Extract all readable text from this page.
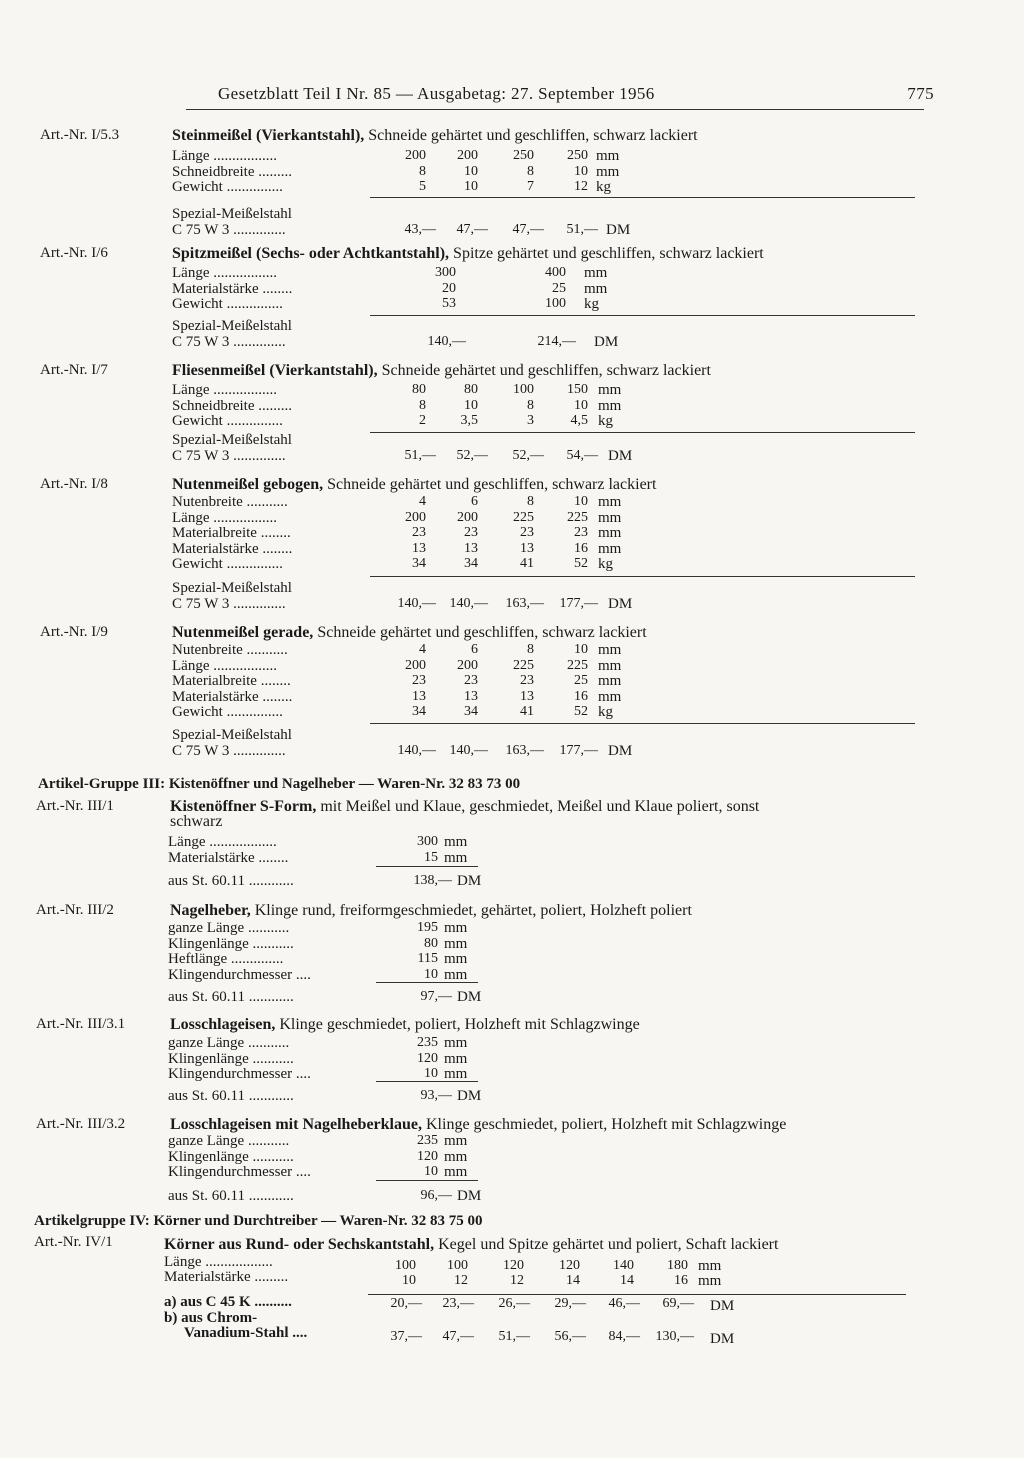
Gesetzblatt Teil I Nr. 85 — Ausgabetag: 27. September 1956	775
Art.-Nr. I/5.3	Steinmeißel (Vierkantstahl), Schneide gehärtet und geschliffen, schwarz lackiert
Länge .................	200	200	250	250 mm
Schneidbreite .........	8	10	8	10 mm
Gewicht ...............	5	10	7	12 kg
Spezial-Meißelstahl
C 75 W 3 ..............	43,—	47,—	47,—	51,— DM
Art.-Nr. I/6	Spitzmeißel (Sechs- oder Achtkantstahl), Spitze gehärtet und geschliffen, schwarz lackiert
Länge .................	300	400 mm
Materialstärke ........	20	25 mm
Gewicht ...............	53	100 kg
Spezial-Meißelstahl
C 75 W 3 ..............	140,—	214,— DM
Art.-Nr. I/7	Fliesenmeißel (Vierkantstahl), Schneide gehärtet und geschliffen, schwarz lackiert
Länge .................	80	80	100	150 mm
Schneidbreite .........	8	10	8	10 mm
Gewicht ...............	2	3,5	3	4,5 kg
Spezial-Meißelstahl
C 75 W 3 ..............	51,—	52,—	52,—	54,— DM
Art.-Nr. I/8	Nutenmeißel gebogen, Schneide gehärtet und geschliffen, schwarz lackiert
Nutenbreite ...........	4	6	8	10 mm
Länge .................	200	200	225	225 mm
Materialbreite ........	23	23	23	23 mm
Materialstärke ........	13	13	13	16 mm
Gewicht ...............	34	34	41	52 kg
Spezial-Meißelstahl
C 75 W 3 ..............	140,— 140,—	163,—	177,— DM
Art.-Nr. I/9	Nutenmeißel gerade, Schneide gehärtet und geschliffen, schwarz lackiert
Nutenbreite ...........	4	6	8	10 mm
Länge .................	200	200	225	225 mm
Materialbreite ........	23	23	23	25 mm
Materialstärke ........	13	13	13	16 mm
Gewicht ...............	34	34	41	52 kg
Spezial-Meißelstahl
C 75 W 3 ..............	140,— 140,—	163,—	177,— DM
Artikel-Gruppe III: Kistenöffner und Nagelheber — Waren-Nr. 32 83 73 00
Art.-Nr. III/1	Kistenöffner S-Form, mit Meißel und Klaue, geschmiedet, Meißel und Klaue poliert, sonst
schwarz
Länge ..................	300 mm
Materialstärke ........	15 mm
aus St. 60.11 ............	138,— DM
Art.-Nr. III/2	Nagelheber, Klinge rund, freiformgeschmiedet, gehärtet, poliert, Holzheft poliert
ganze Länge ...........	195 mm
Klingenlänge ...........	80 mm
Heftlänge ..............	115 mm
Klingendurchmesser ....	10 mm
aus St. 60.11 ............	97,— DM
Art.-Nr. III/3.1	Losschlageisen, Klinge geschmiedet, poliert, Holzheft mit Schlagzwinge
ganze Länge ...........	235 mm
Klingenlänge ...........	120 mm
Klingendurchmesser ....	10 mm
aus St. 60.11 ............	93,— DM
Art.-Nr. III/3.2	Losschlageisen mit Nagelheberklaue, Klinge geschmiedet, poliert, Holzheft mit Schlagzwinge
ganze Länge ...........	235 mm
Klingenlänge ...........	120 mm
Klingendurchmesser ....	10 mm
aus St. 60.11 ............	96,— DM
Artikelgruppe IV: Körner und Durchtreiber — Waren-Nr. 32 83 75 00
Art.-Nr. IV/1	Körner aus Rund- oder Sechskantstahl, Kegel und Spitze gehärtet und poliert, Schaft lackiert
Länge ..................	100	100	120	120	140	180 mm
Materialstärke .........	10	12	12	14	14	16 mm
a) aus C 45 K ..........	20,—	23,—	26,—	29,—	46,—	69,— DM
b) aus Chrom-
Vanadium-Stahl ....	37,—	47,—	51,—	56,—	84,—	130,— DM
